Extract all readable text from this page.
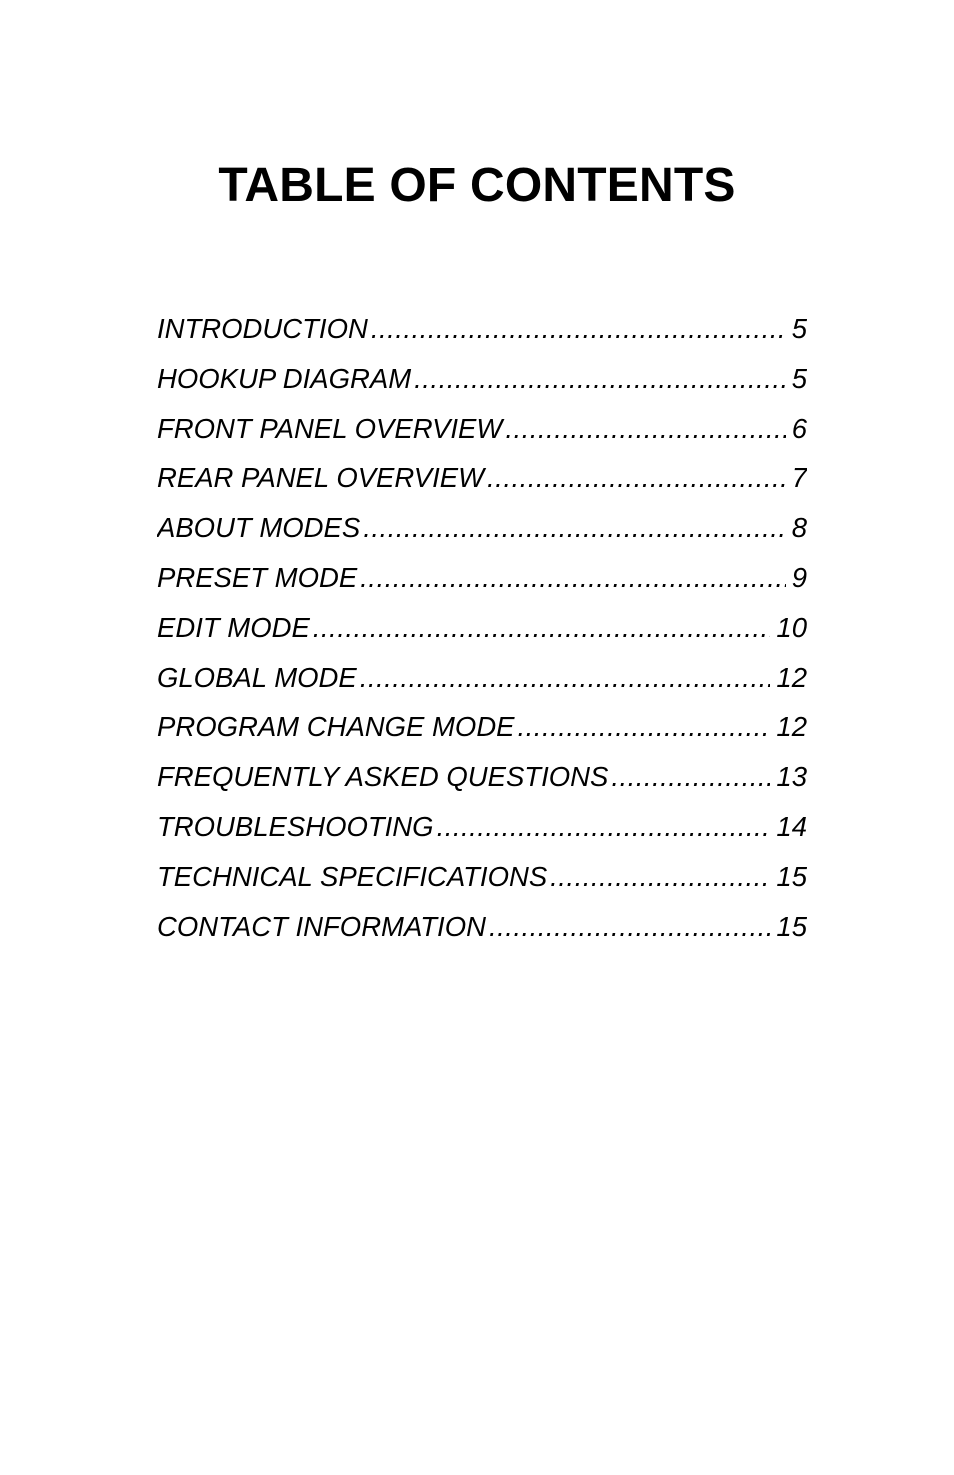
TABLE OF CONTENTS
INTRODUCTION .....	5
HOOKUP DIAGRAM .....	5
FRONT PANEL OVERVIEW .....	6
REAR PANEL OVERVIEW .....	7
ABOUT MODES .....	8
PRESET MODE .....	9
EDIT MODE .....	10
GLOBAL MODE .....	12
PROGRAM CHANGE MODE .....	12
FREQUENTLY ASKED QUESTIONS .....	13
TROUBLESHOOTING .....	14
TECHNICAL SPECIFICATIONS .....	15
CONTACT INFORMATION .....	15
